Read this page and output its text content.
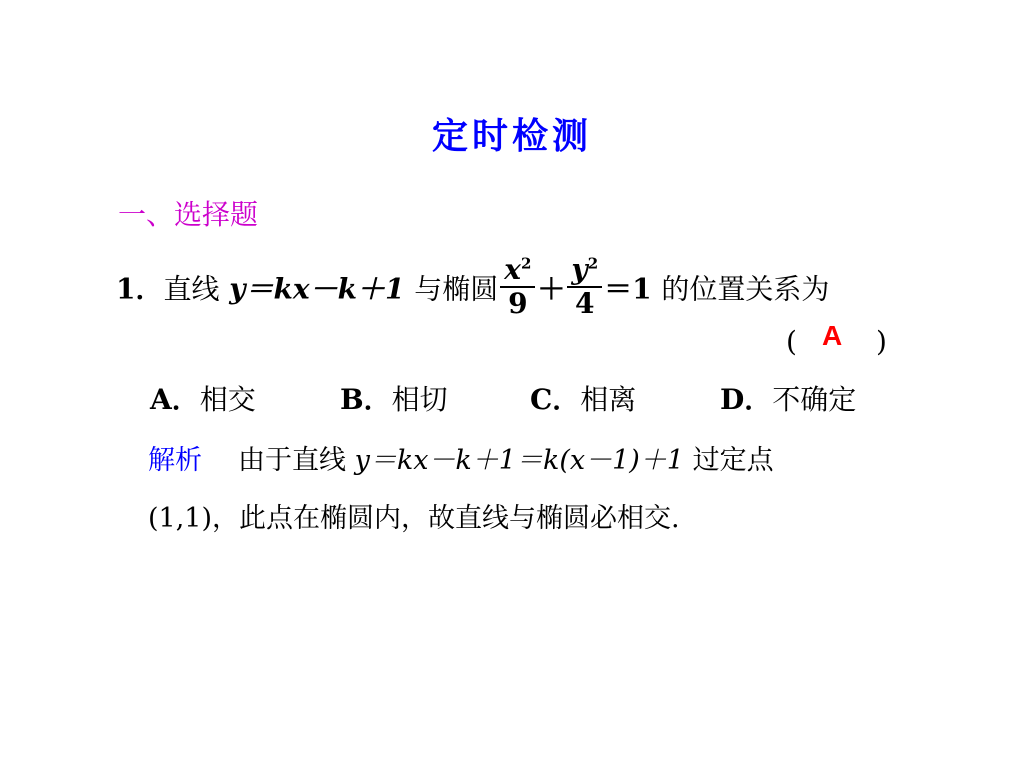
定时检测
一、选择题
1．直线 y＝kx－k＋1 与椭圆 $\frac{x^2}{9} + \frac{y^2}{4} =1$ 的位置关系为
( A )
A．相交	B．相切	C．相离	D．不确定
解析 由于直线 y＝kx－k＋1＝k(x－1)＋1 过定点
(1,1)，此点在椭圆内，故直线与椭圆必相交.
